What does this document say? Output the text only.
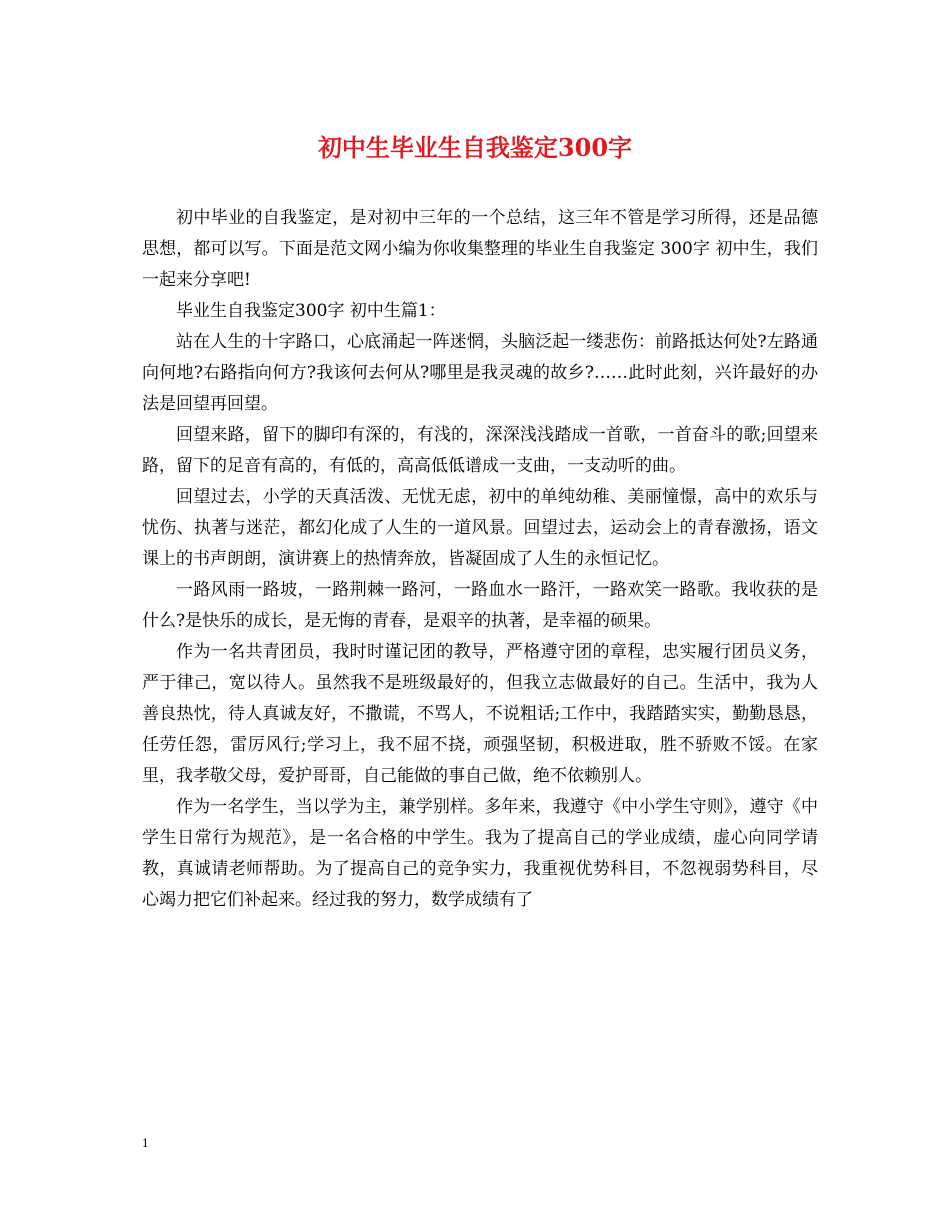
初中生毕业生自我鉴定300字

初中毕业的自我鉴定，是对初中三年的一个总结，这三年不管是学习所得，还是品德思想，都可以写。下面是范文网小编为你收集整理的毕业生自我鉴定 300字 初中生，我们一起来分享吧!

毕业生自我鉴定300字 初中生篇1：

站在人生的十字路口，心底涌起一阵迷惘，头脑泛起一缕悲伤：前路抵达何处?左路通向何地?右路指向何方?我该何去何从?哪里是我灵魂的故乡?……此时此刻，兴许最好的办法是回望再回望。

回望来路，留下的脚印有深的，有浅的，深深浅浅踏成一首歌，一首奋斗的歌;回望来路，留下的足音有高的，有低的，高高低低谱成一支曲，一支动听的曲。

回望过去，小学的天真活泼、无忧无虑，初中的单纯幼稚、美丽憧憬，高中的欢乐与忧伤、执著与迷茫，都幻化成了人生的一道风景。回望过去，运动会上的青春激扬，语文课上的书声朗朗，演讲赛上的热情奔放，皆凝固成了人生的永恒记忆。

一路风雨一路坡，一路荆棘一路河，一路血水一路汗，一路欢笑一路歌。我收获的是什么?是快乐的成长，是无悔的青春，是艰辛的执著，是幸福的硕果。

作为一名共青团员，我时时谨记团的教导，严格遵守团的章程，忠实履行团员义务，严于律己，宽以待人。虽然我不是班级最好的，但我立志做最好的自己。生活中，我为人善良热忱，待人真诚友好，不撒谎，不骂人，不说粗话;工作中，我踏踏实实，勤勤恳恳，任劳任怨，雷厉风行;学习上，我不屈不挠，顽强坚韧，积极进取，胜不骄败不馁。在家里，我孝敬父母，爱护哥哥，自己能做的事自己做，绝不依赖别人。

作为一名学生，当以学为主，兼学别样。多年来，我遵守《中小学生守则》，遵守《中学生日常行为规范》，是一名合格的中学生。我为了提高自己的学业成绩，虚心向同学请教，真诚请老师帮助。为了提高自己的竞争实力，我重视优势科目，不忽视弱势科目，尽心竭力把它们补起来。经过我的努力，数学成绩有了

1
